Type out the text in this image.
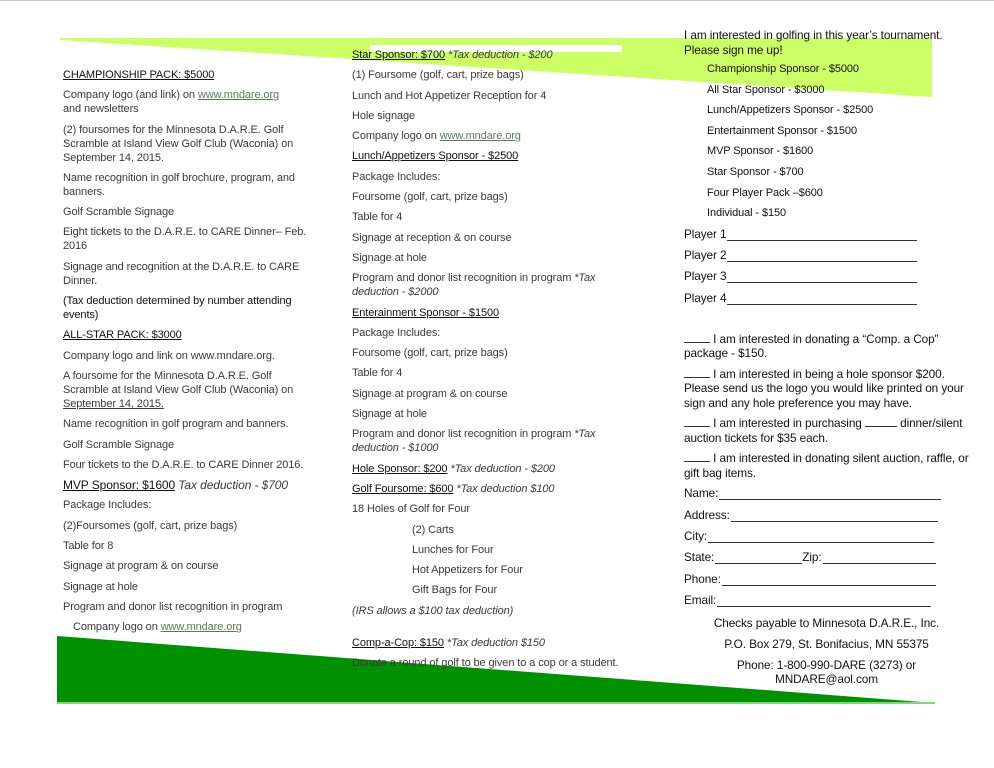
CHAMPIONSHIP PACK: $5000
Company logo (and link) on www.mndare.org
and newsletters
(2) foursomes for the Minnesota D.A.R.E. Golf Scramble at Island View Golf Club (Waconia) on September 14, 2015.
Name recognition in golf brochure, program, and banners.
Golf Scramble Signage
Eight tickets to the D.A.R.E. to CARE Dinner– Feb. 2016
Signage and recognition at the D.A.R.E. to CARE Dinner.
(Tax deduction determined by number attending events)
ALL-STAR PACK: $3000
Company logo and link on www.mndare.org.
A foursome for the Minnesota D.A.R.E. Golf Scramble at Island View Golf Club (Waconia) on
September 14, 2015.
Name recognition in golf program and banners.
Golf Scramble Signage
Four tickets to the D.A.R.E. to CARE Dinner 2016.
MVP Sponsor: $1600 Tax deduction - $700
Package Includes:
(2)Foursomes (golf, cart, prize bags)
Table for 8
Signage at program & on course
Signage at hole
Program and donor list recognition in program
Company logo on www.mndare.org
Star Sponsor: $700 *Tax deduction - $200
(1) Foursome (golf, cart, prize bags)
Lunch and Hot Appetizer Reception for 4
Hole signage
Company logo on www.mndare.org
Lunch/Appetizers Sponsor - $2500
Package Includes:
Foursome (golf, cart, prize bags)
Table for 4
Signage at reception & on course
Signage at hole
Program and donor list recognition in program *Tax deduction - $2000
Enterainment Sponsor - $1500
Package Includes:
Foursome (golf, cart, prize bags)
Table for 4
Signage at program & on course
Signage at hole
Program and donor list recognition in program *Tax deduction - $1000
Hole Sponsor: $200 *Tax deduction - $200
Golf Foursome: $600 *Tax deduction $100
18 Holes of Golf for Four
(2) Carts
Lunches for Four
Hot Appetizers for Four
Gift Bags for Four
(IRS allows a $100 tax deduction)
Comp-a-Cop: $150 *Tax deduction $150
Donate a round of golf to be given to a cop or a student.
I am interested in golfing in this year’s tournament. Please sign me up!
Championship Sponsor - $5000
All Star Sponsor - $3000
Lunch/Appetizers Sponsor - $2500
Entertainment Sponsor - $1500
MVP Sponsor - $1600
Star Sponsor - $700
Four Player Pack –$600
Individual - $150
Player 1
Player 2
Player 3
Player 4
I am interested in donating a “Comp. a Cop” package - $150.
I am interested in being a hole sponsor $200. Please send us the logo you would like printed on your sign and any hole preference you may have.
I am interested in purchasing	dinner/silent auction tickets for $35 each.
I am interested in donating silent auction, raffle, or gift bag items.
Name:
Address:
City:
State:	Zip:
Phone:
Email:
Checks payable to Minnesota D.A.R.E., Inc.
P.O. Box 279, St. Bonifacius, MN 55375
Phone: 1-800-990-DARE (3273) or MNDARE@aol.com
